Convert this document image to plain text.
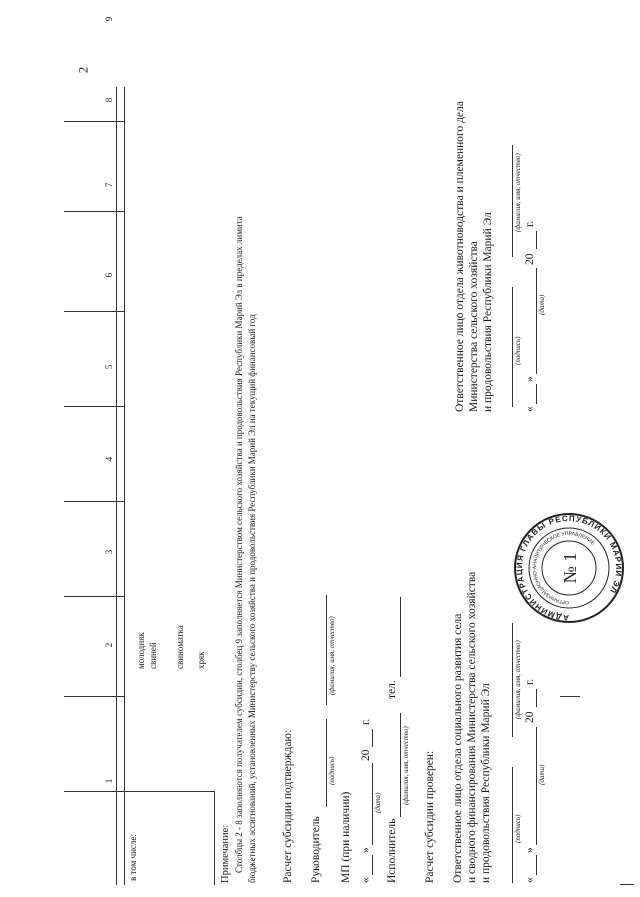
2
1
2
3
4
5
6
7
8
9
в том числе:
молодняк свиней свиноматка хряк
Примечание: Столбцы 2 - 8 заполняются получателем субсидии, столбец 9 заполняется Министерством сельского хозяйства и продовольствия Республики Марий Эл в пределах лимита бюджетных ассигнований, установленных Министерству сельского хозяйства и продовольствия Республики Марий Эл на текущий финансовый год Расчет субсидии подтверждаю: Руководитель
(подпись)
(фамилия, имя, отчество)
МП (при наличии) «
»
20
г.
(дата)
Исполнитель
(фамилия, имя, отчество)
тел.
Расчет субсидии проверен: Ответственное лицо отдела социального развития села и сводного финансирования Министерства сельского хозяйства и продовольствия Республики Марий Эл	(подпись)
(фамилия, имя, отчество)
«
»
20
г.
(дата)
Ответственное лицо отдела животноводства и племенного дела Министерства сельского хозяйства и продовольствия Республики Марий Эл	(подпись)
(фамилия, имя, отчество)
«
»
20
г.
(дата)
АДМИНИСТРАЦИЯ ГЛАВЫ РЕСПУБЛИКИ МАРИЙ ЭЛ
ОРГАНИЗАЦИОННО-АНАЛИТИЧЕСКОЕ УПРАВЛЕНИЕ
№ 1
